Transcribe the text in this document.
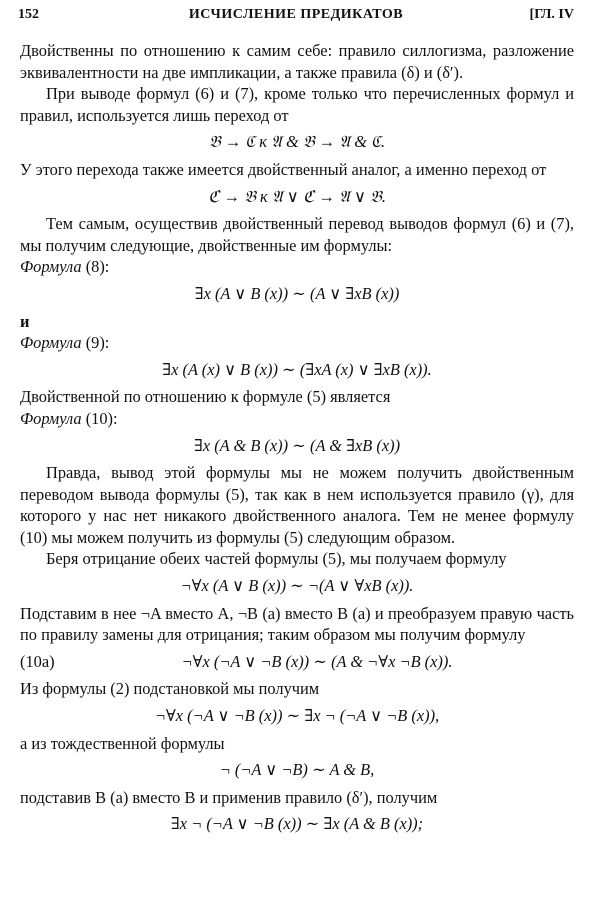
152	ИСЧИСЛЕНИЕ ПРЕДИКАТОВ	[ГЛ. IV

Двойственны по отношению к самим себе: правило силлогизма, разложение эквивалентности на две импликации, а также правила (δ) и (δ′).

При выводе формул (6) и (7), кроме только что перечисленных формул и правил, используется лишь переход от

𝔅 → ℭ к 𝔄 & 𝔅 → 𝔄 & ℭ.

У этого перехода также имеется двойственный аналог, а именно переход от

ℭ → 𝔅 к 𝔄 ∨ ℭ → 𝔄 ∨ 𝔅.

Тем самым, осуществив двойственный перевод выводов формул (6) и (7), мы получим следующие, двойственные им формулы:

Формула (8):

∃x (A ∨ B (x)) ∼ (A ∨ ∃xB (x))

и

Формула (9):

∃x (A (x) ∨ B (x)) ∼ (∃xA (x) ∨ ∃xB (x)).

Двойственной по отношению к формуле (5) является

Формула (10):

∃x (A & B (x)) ∼ (A & ∃xB (x))

Правда, вывод этой формулы мы не можем получить двойственным переводом вывода формулы (5), так как в нем используется правило (γ), для которого у нас нет никакого двойственного аналога. Тем не менее формулу (10) мы можем получить из формулы (5) следующим образом.

Беря отрицание обеих частей формулы (5), мы получаем формулу

¬∀x (A ∨ B (x)) ∼ ¬(A ∨ ∀xB (x)).

Подставим в нее ¬A вместо A, ¬B (a) вместо B (a) и преобразуем правую часть по правилу замены для отрицания; таким образом мы получим формулу

(10a)	¬∀x (¬A ∨ ¬B (x)) ∼ (A & ¬∀x ¬B (x)).

Из формулы (2) подстановкой мы получим

¬∀x (¬A ∨ ¬B (x)) ∼ ∃x ¬ (¬A ∨ ¬B (x)),

а из тождественной формулы

¬ (¬A ∨ ¬B) ∼ A & B,

подставив B (a) вместо B и применив правило (δ′), получим

∃x ¬ (¬A ∨ ¬B (x)) ∼ ∃x (A & B (x));
